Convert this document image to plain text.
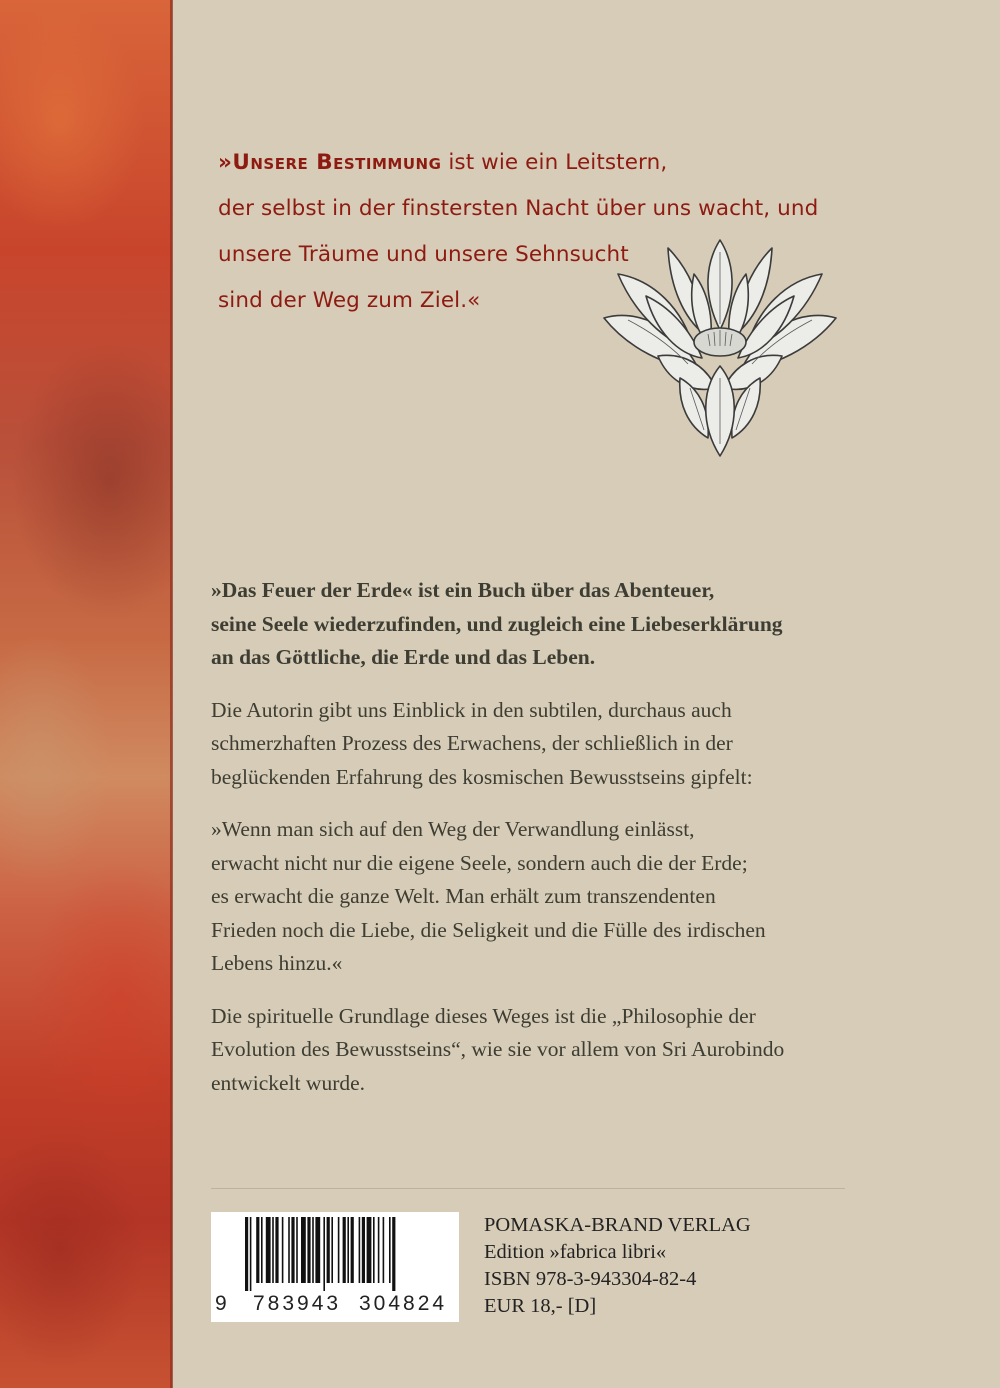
»Unsere Bestimmung ist wie ein Leitstern,
der selbst in der finstersten Nacht über uns wacht, und
unsere Träume und unsere Sehnsucht
sind der Weg zum Ziel.«

»Das Feuer der Erde« ist ein Buch über das Abenteuer,
seine Seele wiederzufinden, und zugleich eine Liebeserklärung
an das Göttliche, die Erde und das Leben.

Die Autorin gibt uns Einblick in den subtilen, durchaus auch
schmerzhaften Prozess des Erwachens, der schließlich in der
beglückenden Erfahrung des kosmischen Bewusstseins gipfelt:

»Wenn man sich auf den Weg der Verwandlung einlässt,
erwacht nicht nur die eigene Seele, sondern auch die der Erde;
es erwacht die ganze Welt. Man erhält zum transzendenten
Frieden noch die Liebe, die Seligkeit und die Fülle des irdischen
Lebens hinzu.«

Die spirituelle Grundlage dieses Weges ist die „Philosophie der
Evolution des Bewusstseins“, wie sie vor allem von Sri Aurobindo
entwickelt wurde.

9 783943 304824
POMASKA-BRAND VERLAG
Edition »fabrica libri«
ISBN 978-3-943304-82-4
EUR 18,- [D]
